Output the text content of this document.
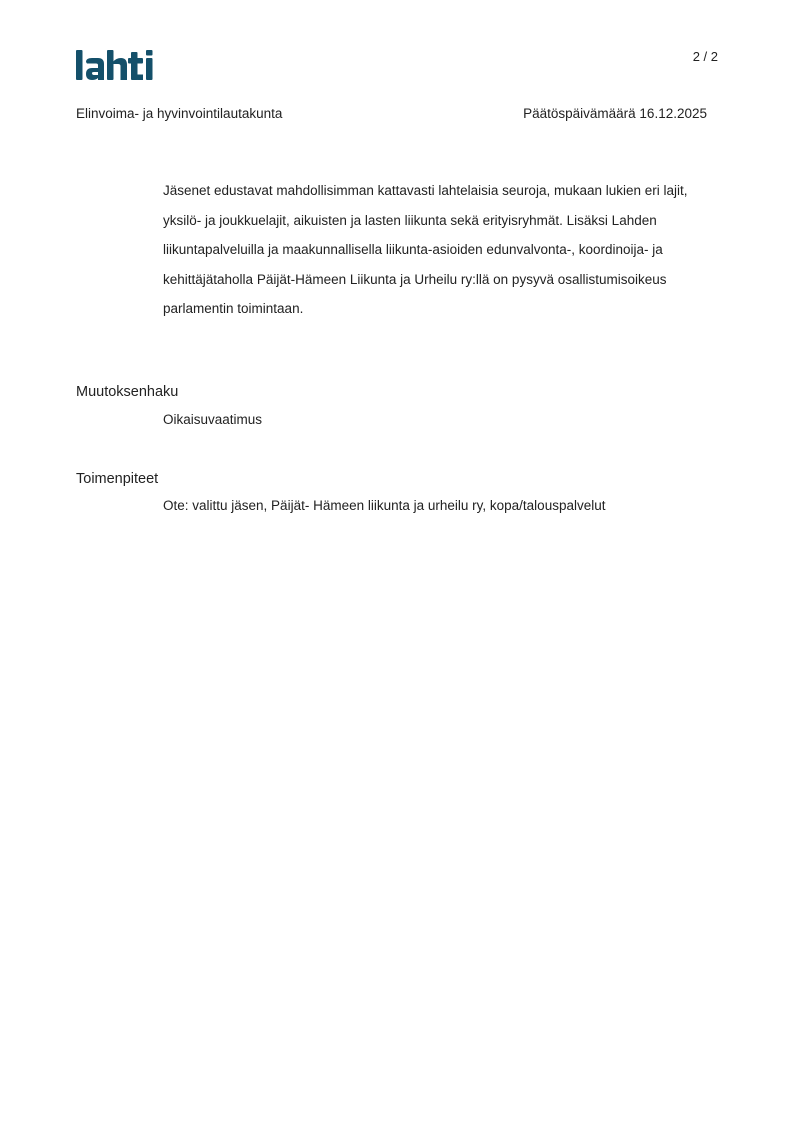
2 / 2
Elinvoima- ja hyvinvointilautakunta	Päätöspäivämäärä 16.12.2025

Jäsenet edustavat mahdollisimman kattavasti lahtelaisia seuroja, mukaan lukien eri lajit, yksilö- ja joukkuelajit, aikuisten ja lasten liikunta sekä erityisryhmät. Lisäksi Lahden liikuntapalveluilla ja maakunnallisella liikunta-asioiden edunvalvonta-, koordinoija- ja kehittäjätaholla Päijät-Hämeen Liikunta ja Urheilu ry:llä on pysyvä osallistumisoikeus parlamentin toimintaan.

Muutoksenhaku

Oikaisuvaatimus

Toimenpiteet

Ote: valittu jäsen, Päijät- Hämeen liikunta ja urheilu ry, kopa/talouspalvelut
